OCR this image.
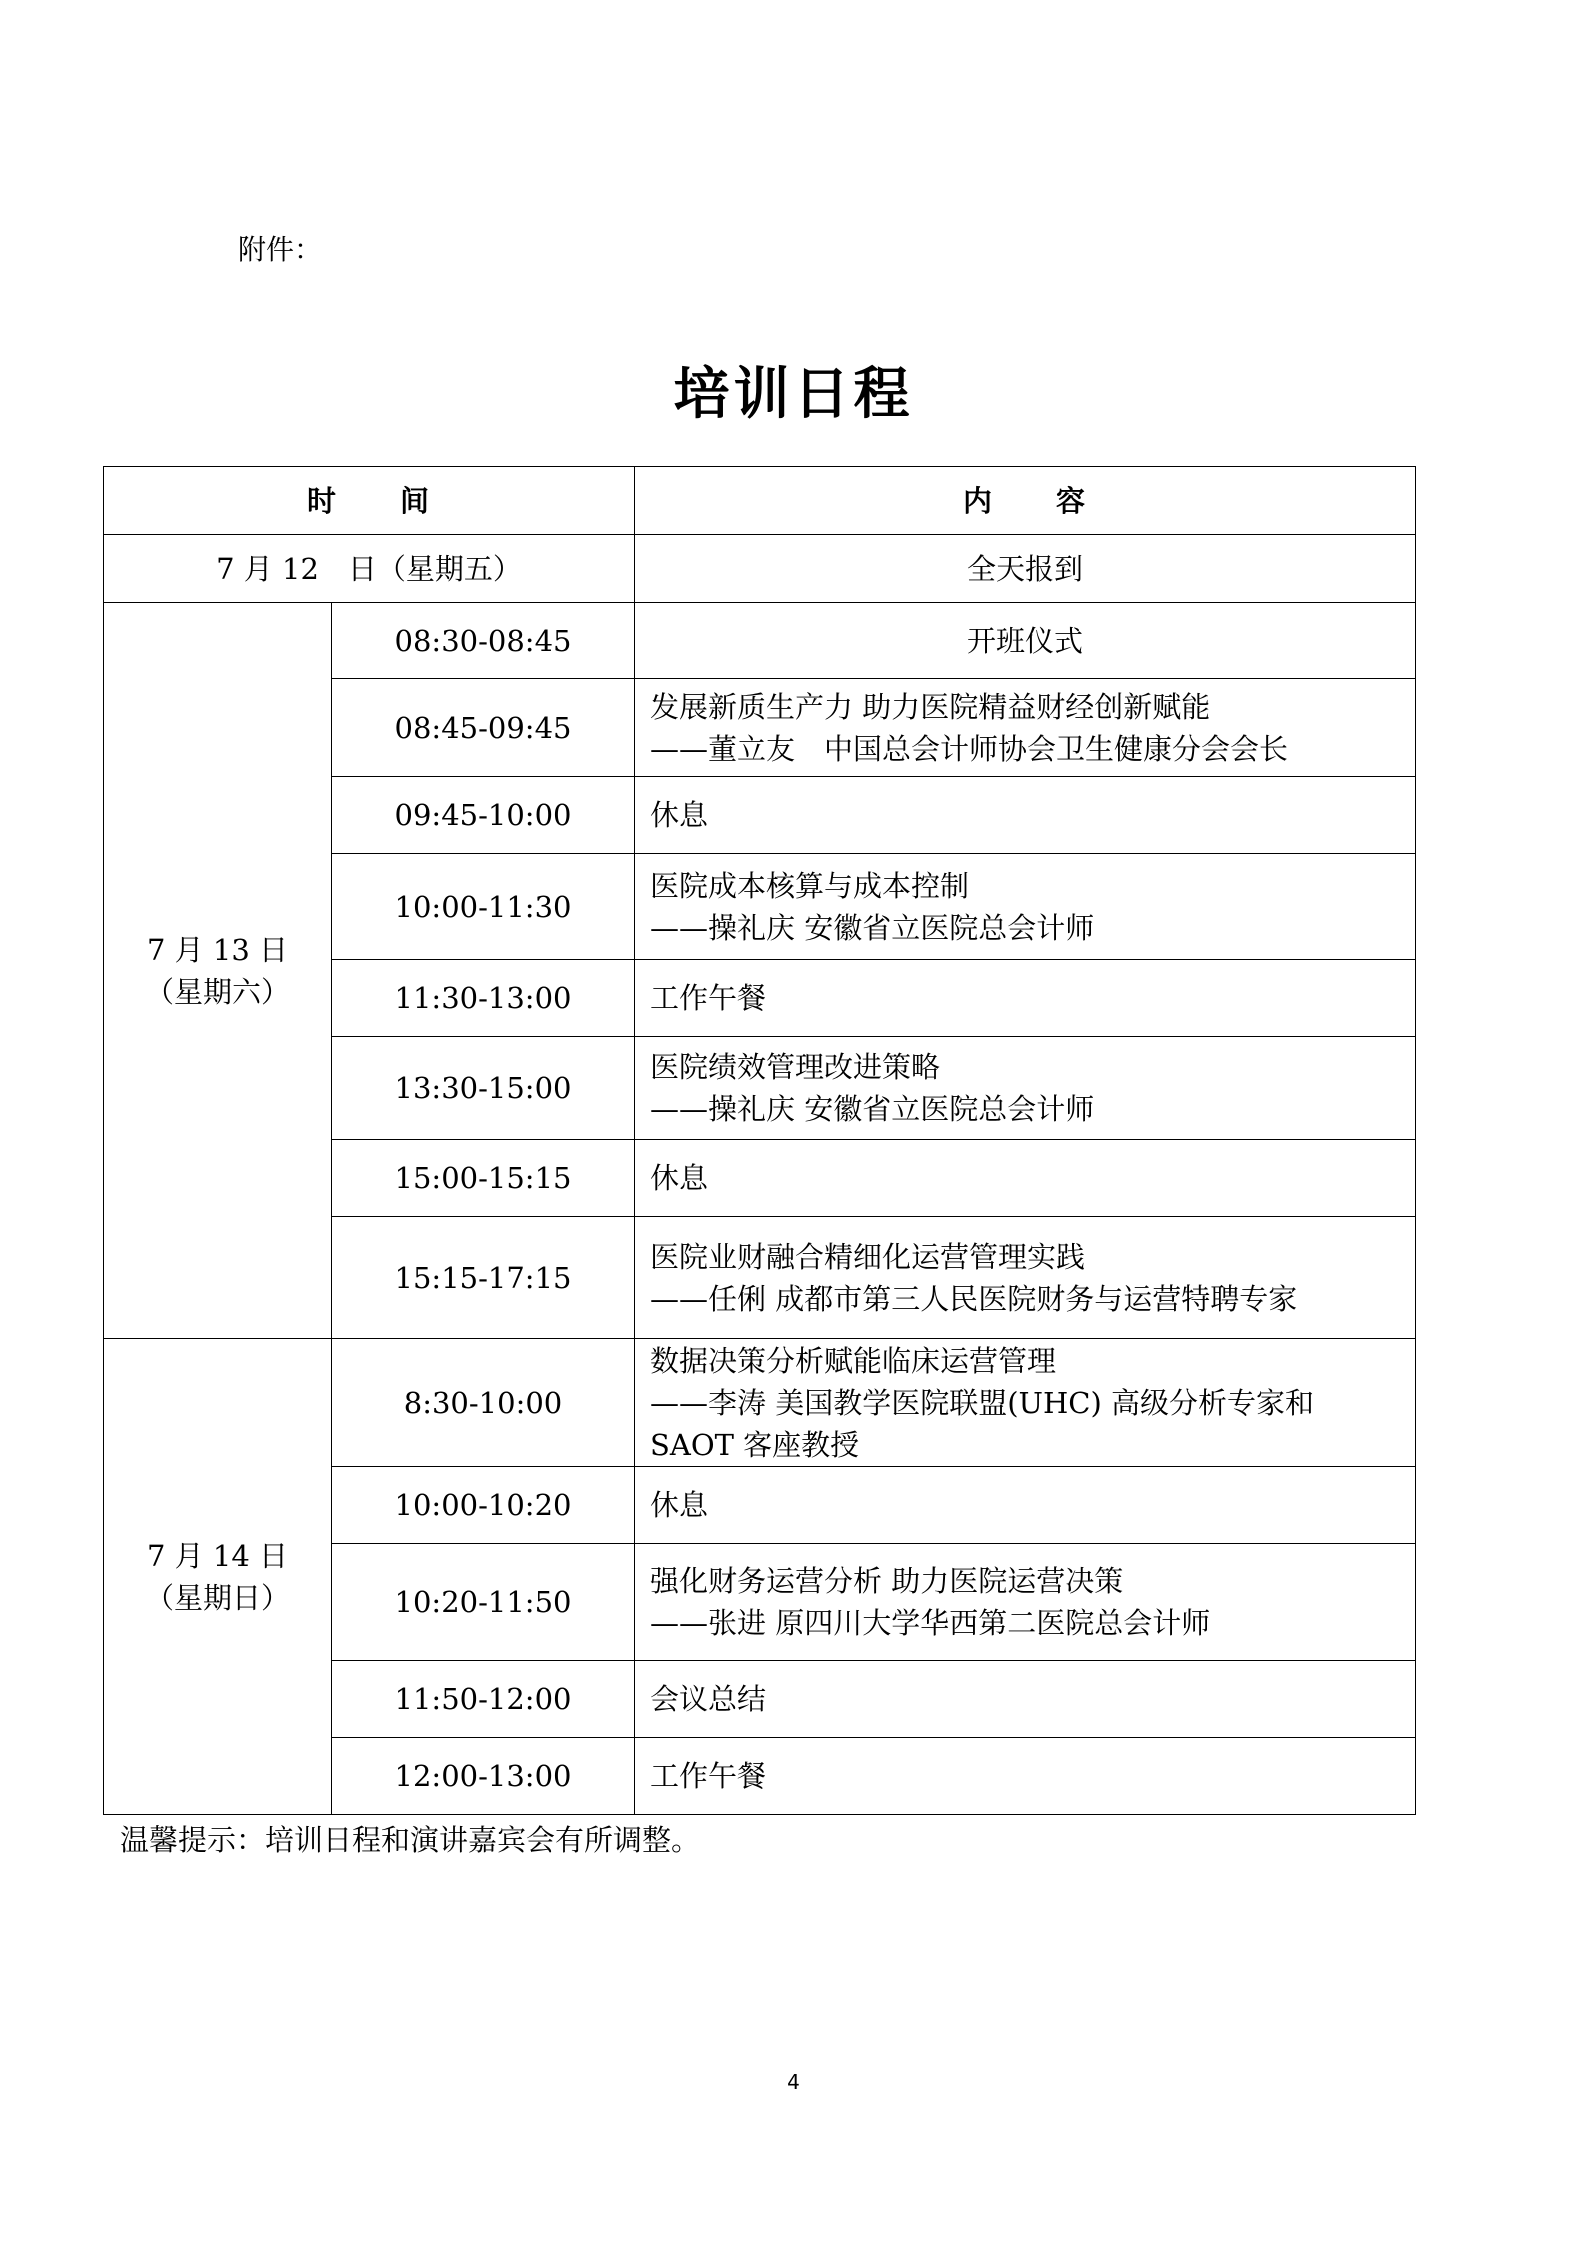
附件：
培训日程
时　　间		内　　容
7 月 12　日（星期五）		全天报到

7 月 13 日
（星期六）	08:30-08:45	开班仪式
	08:45-09:45	发展新质生产力 助力医院精益财经创新赋能
——董立友　中国总会计师协会卫生健康分会会长

	09:45-10:00	休息
	10:00-11:30	医院成本核算与成本控制
——操礼庆 安徽省立医院总会计师

	11:30-13:00	工作午餐
	13:30-15:00	医院绩效管理改进策略
——操礼庆 安徽省立医院总会计师

	15:00-15:15	休息
	15:15-17:15	医院业财融合精细化运营管理实践
——任俐 成都市第三人民医院财务与运营特聘专家

7 月 14 日
（星期日）	8:30-10:00	数据决策分析赋能临床运营管理
——李涛 美国教学医院联盟(UHC) 高级分析专家和
SAOT 客座教授

	10:00-10:20	休息
	10:20-11:50	强化财务运营分析 助力医院运营决策
——张进 原四川大学华西第二医院总会计师

	11:50-12:00	会议总结
	12:00-13:00	工作午餐
温馨提示：培训日程和演讲嘉宾会有所调整。
4
